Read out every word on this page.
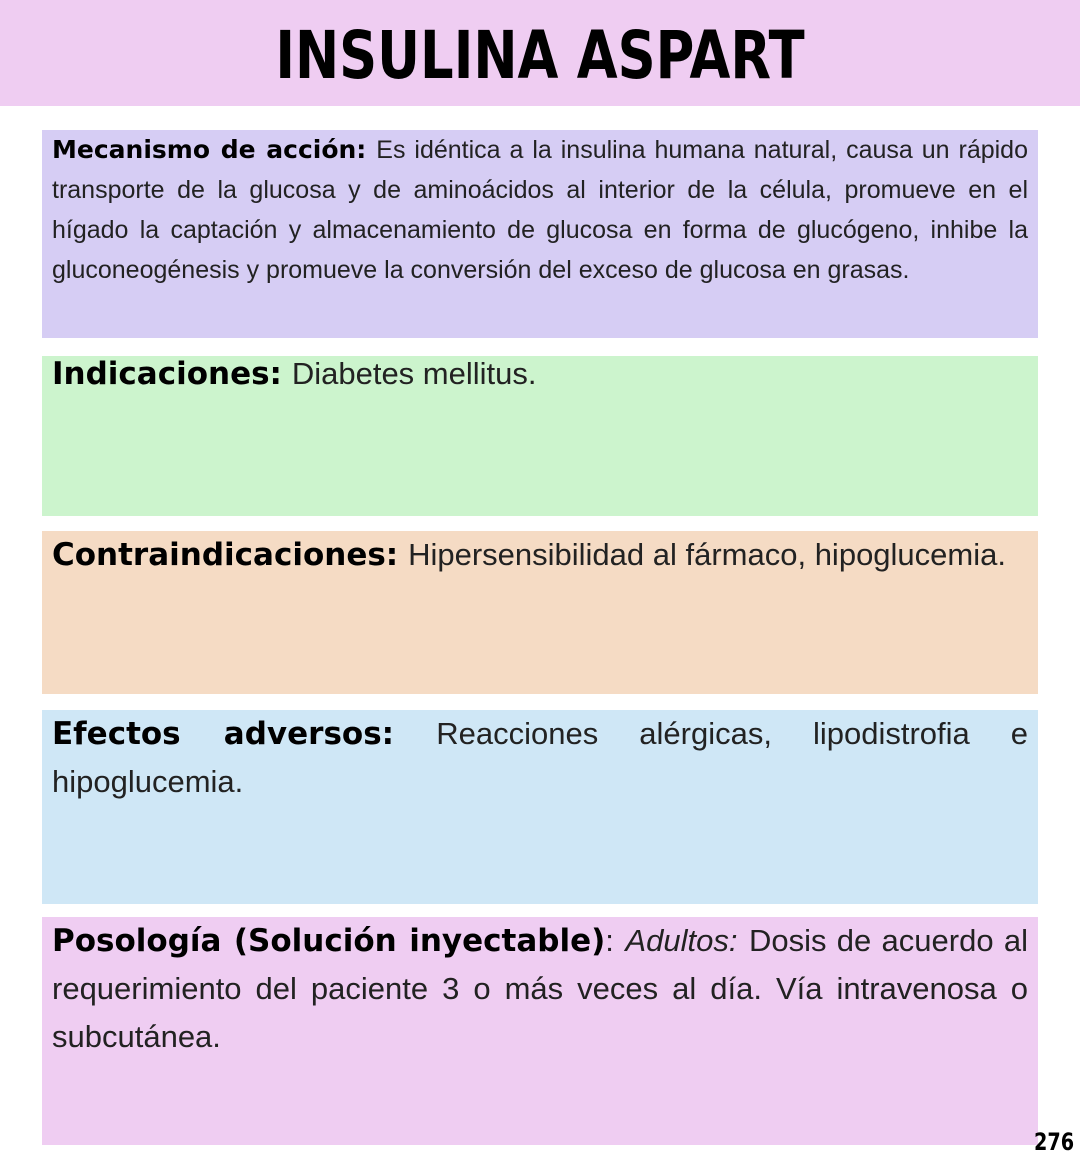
INSULINA ASPART
Mecanismo de acción: Es idéntica a la insulina humana natural, causa un rápido transporte de la glucosa y de aminoácidos al interior de la célula, promueve en el hígado la captación y almacenamiento de glucosa en forma de glucógeno, inhibe la gluconeogénesis y promueve la conversión del exceso de glucosa en grasas.
Indicaciones: Diabetes mellitus.
Contraindicaciones: Hipersensibilidad al fármaco, hipoglucemia.
Efectos adversos: Reacciones alérgicas, lipodistrofia e hipoglucemia.
Posología (Solución inyectable): Adultos: Dosis de acuerdo al requerimiento del paciente 3 o más veces al día. Vía intravenosa o subcutánea.
276
